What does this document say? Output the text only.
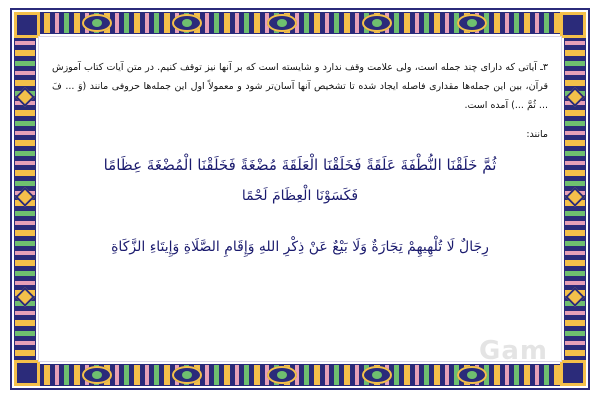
۳ـ آیاتی که دارای چند جمله است، ولی علامت وقف ندارد و شایسته است که بر آنها نیز توقف کنیم. در متن آیات کتاب آموزش قرآن، بین این جمله‌ها مقداری فاصله ایجاد شده تا تشخیص آنها آسان‌تر شود و معمولاً اول این جمله‌ها حروفی مانند (وَ ... فَ ... ثُمَّ ...) آمده است.

مانند:
ثُمَّ خَلَقْنَا النُّطْفَةَ عَلَقَةً فَخَلَقْنَا الْعَلَقَةَ مُضْغَةً فَخَلَقْنَا الْمُضْغَةَ عِظَامًا
فَكَسَوْنَا الْعِظَامَ لَحْمًا
رِجَالٌ لَا تُلْهِيهِمْ تِجَارَةٌ وَلَا بَيْعٌ عَنْ ذِكْرِ اللهِ وَإِقَامِ الصَّلَاةِ وَإِيتَاءِ الزَّكَاةِ
Gam
